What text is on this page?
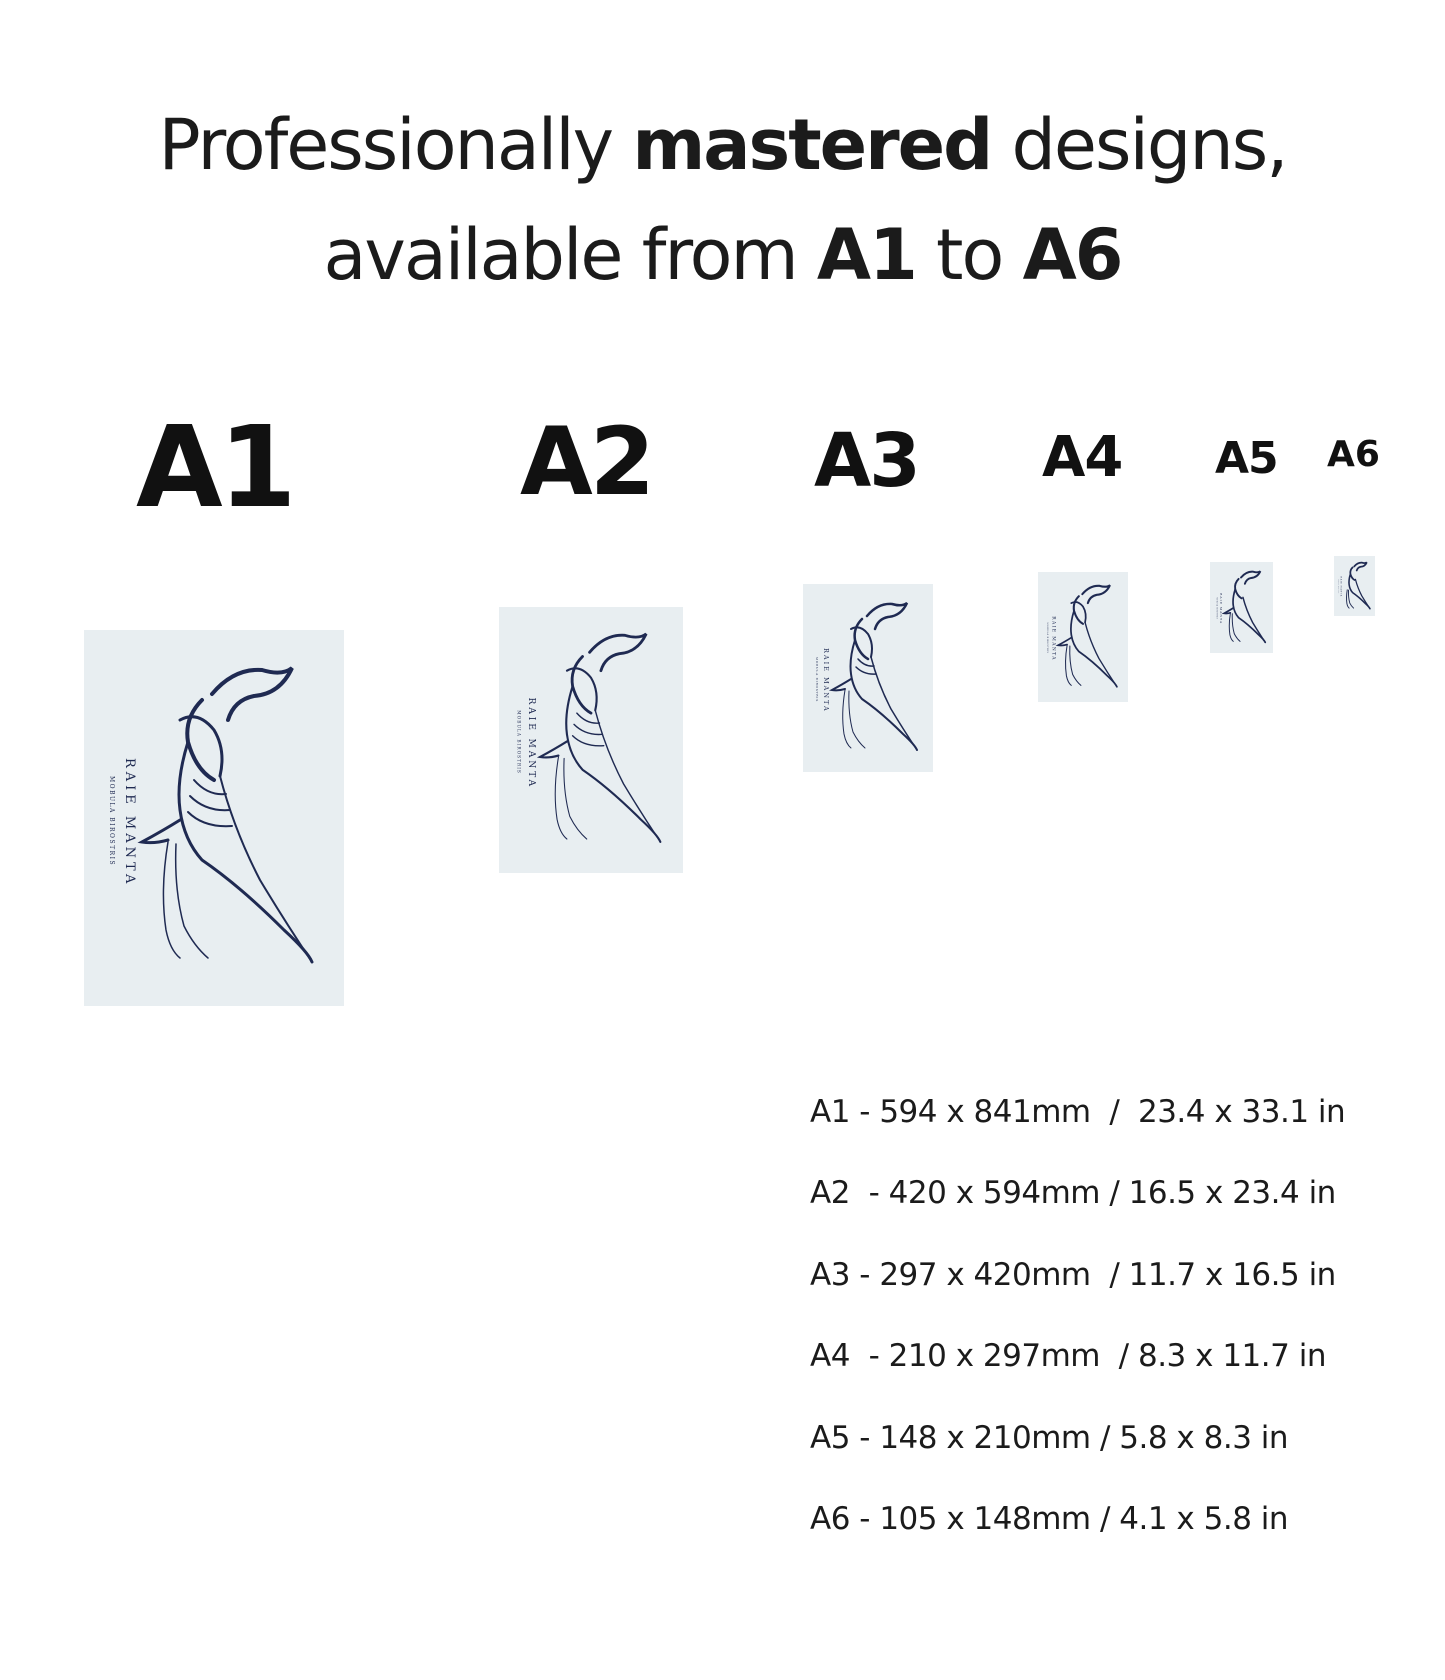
Professionally mastered designs,
available from A1 to A6
A1 A2 A3 A4 A5 A6
RAIE MANTA
MOBULA BIROSTRIS
RAIE MANTA
MOBULA BIROSTRIS
RAIE MANTA
MOBULA BIROSTRIS
RAIE MANTA
MOBULA BIROSTRIS
RAIE MANTA
MOBULA BIROSTRIS
RAIE MANTA
MOBULA BIROSTRIS
A1 - 594 x 841mm  /  23.4 x 33.1 in
A2  - 420 x 594mm / 16.5 x 23.4 in
A3 - 297 x 420mm  / 11.7 x 16.5 in
A4  - 210 x 297mm  / 8.3 x 11.7 in
A5 - 148 x 210mm / 5.8 x 8.3 in
A6 - 105 x 148mm / 4.1 x 5.8 in
